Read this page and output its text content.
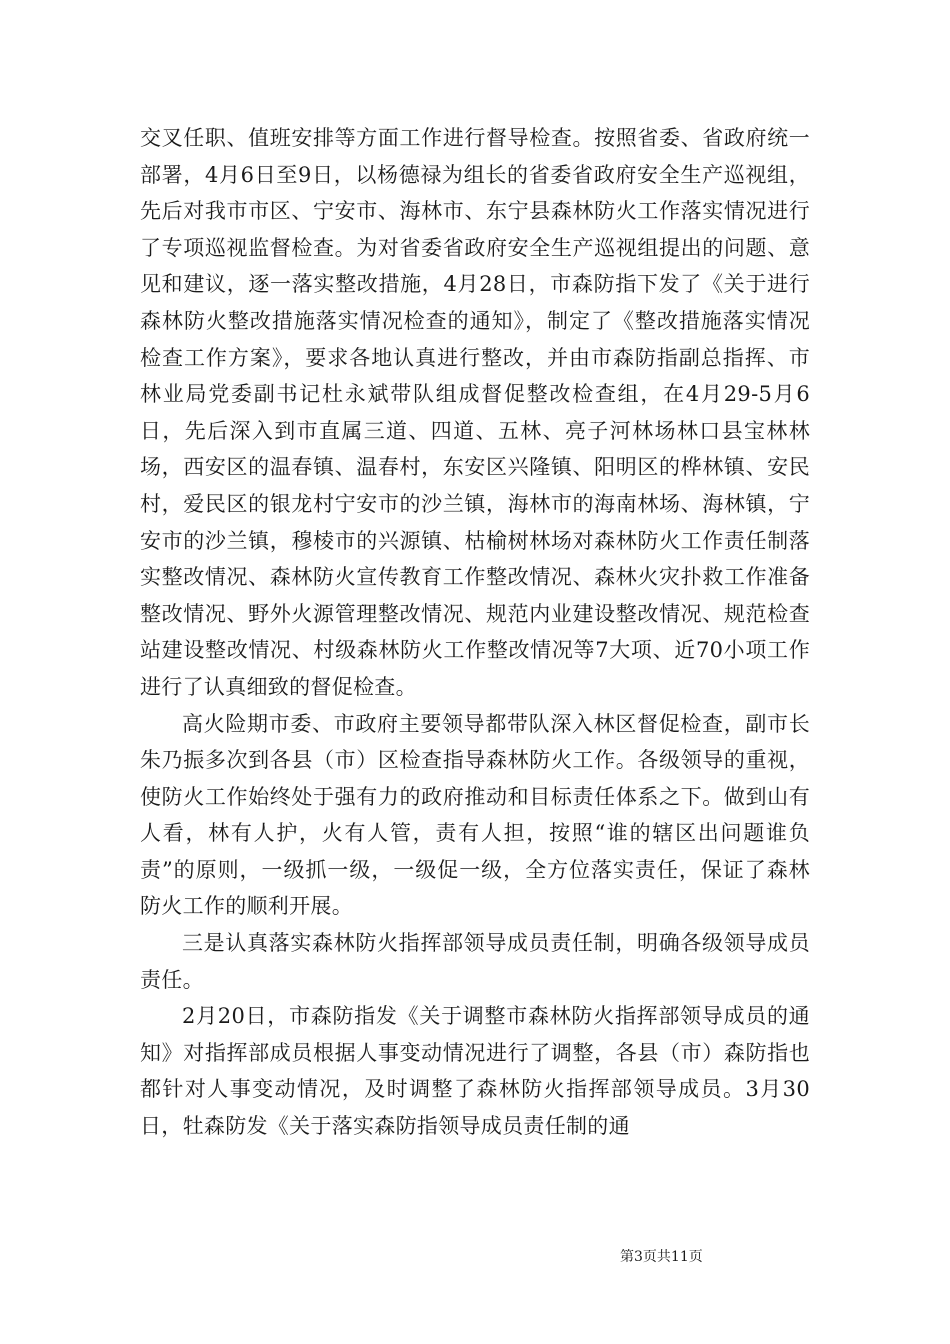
交叉任职、值班安排等方面工作进行督导检查。按照省委、省政府统一部署，4月6日至9日，以杨德禄为组长的省委省政府安全生产巡视组，先后对我市市区、宁安市、海林市、东宁县森林防火工作落实情况进行了专项巡视监督检查。为对省委省政府安全生产巡视组提出的问题、意见和建议，逐一落实整改措施，4月28日，市森防指下发了《关于进行森林防火整改措施落实情况检查的通知》，制定了《整改措施落实情况检查工作方案》，要求各地认真进行整改，并由市森防指副总指挥、市林业局党委副书记杜永斌带队组成督促整改检查组，在4月29-5月6日，先后深入到市直属三道、四道、五林、亮子河林场林口县宝林林场，西安区的温春镇、温春村，东安区兴隆镇、阳明区的桦林镇、安民村，爱民区的银龙村宁安市的沙兰镇，海林市的海南林场、海林镇，宁安市的沙兰镇，穆棱市的兴源镇、枯榆树林场对森林防火工作责任制落实整改情况、森林防火宣传教育工作整改情况、森林火灾扑救工作准备整改情况、野外火源管理整改情况、规范内业建设整改情况、规范检查站建设整改情况、村级森林防火工作整改情况等7大项、近70小项工作进行了认真细致的督促检查。

高火险期市委、市政府主要领导都带队深入林区督促检查，副市长朱乃振多次到各县（市）区检查指导森林防火工作。各级领导的重视，使防火工作始终处于强有力的政府推动和目标责任体系之下。做到山有人看，林有人护，火有人管，责有人担，按照“谁的辖区出问题谁负责”的原则，一级抓一级，一级促一级，全方位落实责任，保证了森林防火工作的顺利开展。

三是认真落实森林防火指挥部领导成员责任制，明确各级领导成员责任。

2月20日，市森防指发《关于调整市森林防火指挥部领导成员的通知》对指挥部成员根据人事变动情况进行了调整，各县（市）森防指也都针对人事变动情况，及时调整了森林防火指挥部领导成员。3月30日，牡森防发《关于落实森防指领导成员责任制的通

第3页共11页
